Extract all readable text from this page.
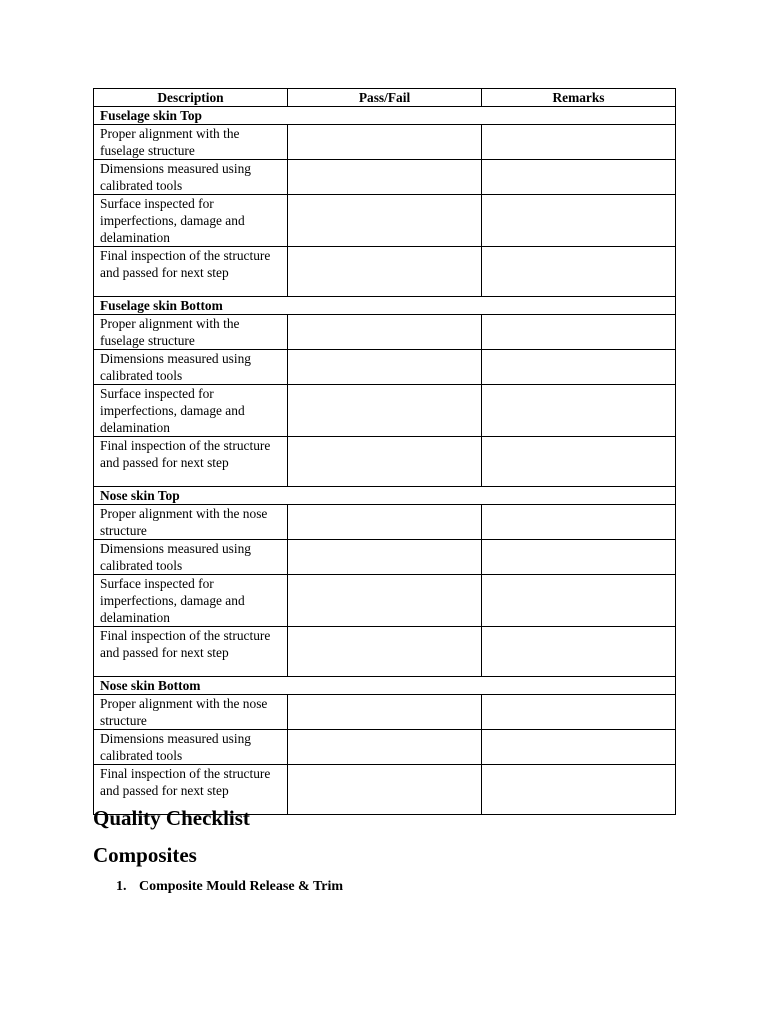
Description	Pass/Fail	Remarks
Fuselage skin Top		
Proper alignment with the fuselage structure		
Dimensions measured using calibrated tools		
Surface inspected for imperfections, damage and delamination		
Final inspection of the structure and passed for next step		
Fuselage skin Bottom		
Proper alignment with the fuselage structure		
Dimensions measured using calibrated tools		
Surface inspected for imperfections, damage and delamination		
Final inspection of the structure and passed for next step		
Nose skin Top		
Proper alignment with the nose structure		
Dimensions measured using calibrated tools		
Surface inspected for imperfections, damage and delamination		
Final inspection of the structure and passed for next step		
Nose skin Bottom		
Proper alignment with the nose structure		
Dimensions measured using calibrated tools		
Final inspection of the structure and passed for next step		
Quality Checklist
Composites
1. Composite Mould Release & Trim
